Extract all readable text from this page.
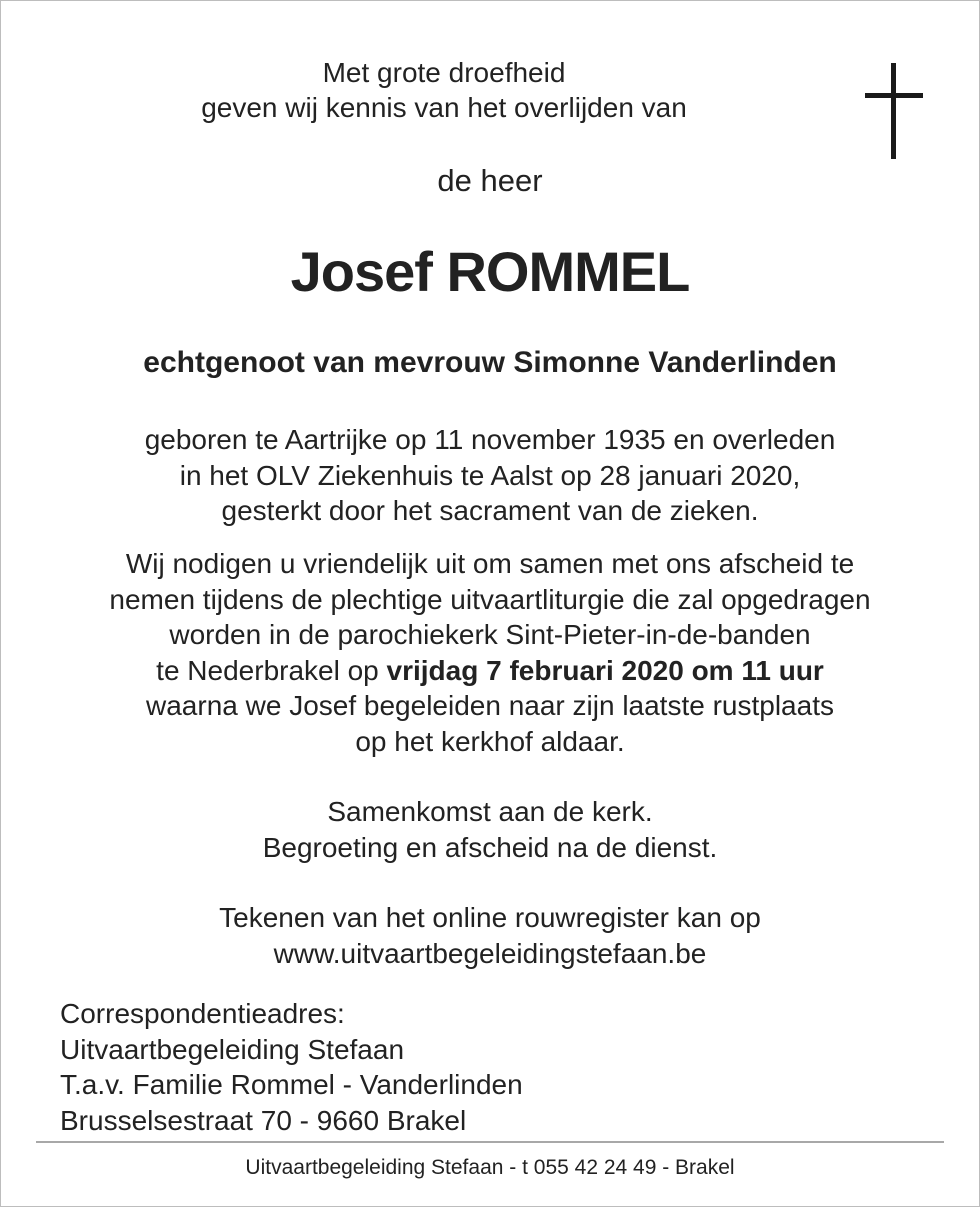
Met grote droefheid
geven wij kennis van het overlijden van
de heer
Josef ROMMEL
echtgenoot van mevrouw Simonne Vanderlinden
geboren te Aartrijke op 11 november 1935 en overleden
in het OLV Ziekenhuis te Aalst op 28 januari 2020,
gesterkt door het sacrament van de zieken.
Wij nodigen u vriendelijk uit om samen met ons afscheid te
nemen tijdens de plechtige uitvaartliturgie die zal opgedragen
worden in de parochiekerk Sint-Pieter-in-de-banden
te Nederbrakel op vrijdag 7 februari 2020 om 11 uur
waarna we Josef begeleiden naar zijn laatste rustplaats
op het kerkhof aldaar.
Samenkomst aan de kerk.
Begroeting en afscheid na de dienst.
Tekenen van het online rouwregister kan op
www.uitvaartbegeleidingstefaan.be
Correspondentieadres:
Uitvaartbegeleiding Stefaan
T.a.v. Familie Rommel - Vanderlinden
Brusselsestraat 70 - 9660 Brakel
Uitvaartbegeleiding Stefaan - t 055 42 24 49 - Brakel
